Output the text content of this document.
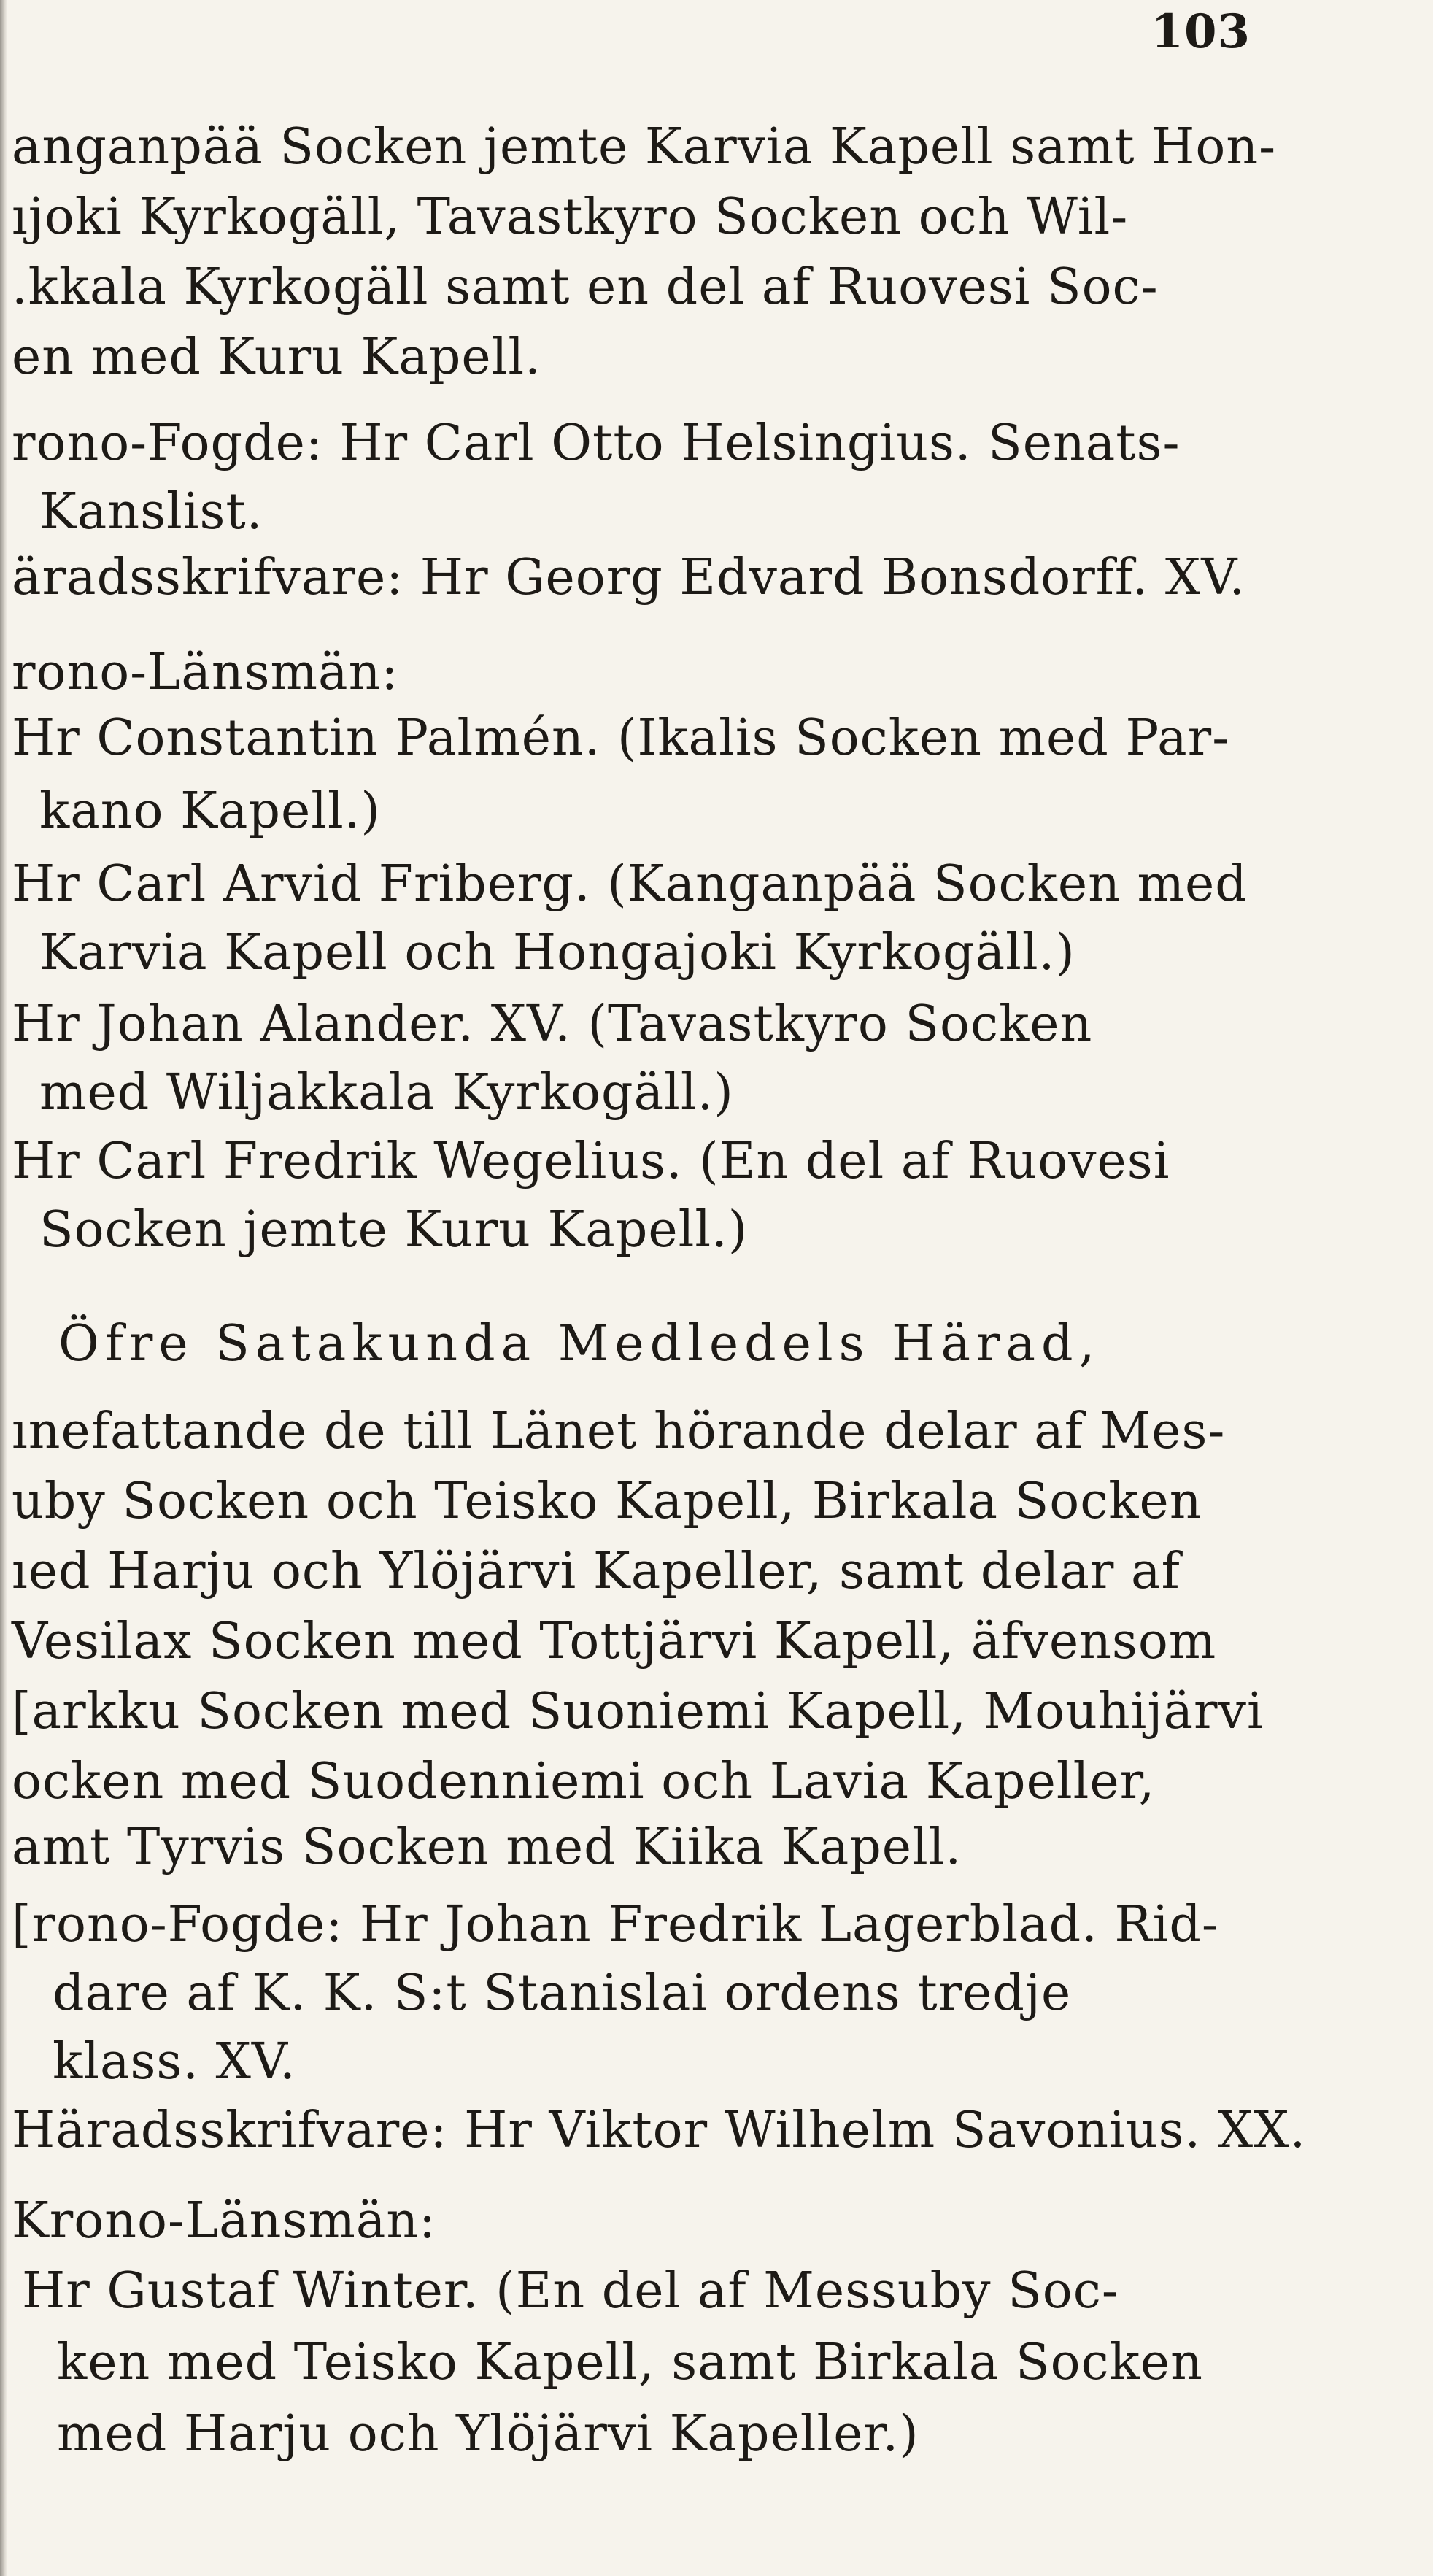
103
anganpää Socken jemte Karvia Kapell samt Hon-
ıjoki Kyrkogäll, Tavastkyro Socken och Wil-
.kkala Kyrkogäll samt en del af Ruovesi Soc-
en med Kuru Kapell.
rono-Fogde: Hr Carl Otto Helsingius. Senats-
Kanslist.
äradsskrifvare: Hr Georg Edvard Bonsdorff. XV.
rono-Länsmän:
Hr Constantin Palmén. (Ikalis Socken med Par-
kano Kapell.)
Hr Carl Arvid Friberg. (Kanganpää Socken med
Karvia Kapell och Hongajoki Kyrkogäll.)
Hr Johan Alander. XV. (Tavastkyro Socken
med Wiljakkala Kyrkogäll.)
Hr Carl Fredrik Wegelius. (En del af Ruovesi
Socken jemte Kuru Kapell.)
Öfre Satakunda Medledels Härad,
ınefattande de till Länet hörande delar af Mes-
uby Socken och Teisko Kapell, Birkala Socken
ıed Harju och Ylöjärvi Kapeller, samt delar af
Vesilax Socken med Tottjärvi Kapell, äfvensom
[arkku Socken med Suoniemi Kapell, Mouhijärvi
ocken med Suodenniemi och Lavia Kapeller,
amt Tyrvis Socken med Kiika Kapell.
[rono-Fogde: Hr Johan Fredrik Lagerblad. Rid-
dare af K. K. S:t Stanislai ordens tredje
klass. XV.
Häradsskrifvare: Hr Viktor Wilhelm Savonius. XX.
Krono-Länsmän:
Hr Gustaf Winter. (En del af Messuby Soc-
ken med Teisko Kapell, samt Birkala Socken
med Harju och Ylöjärvi Kapeller.)
